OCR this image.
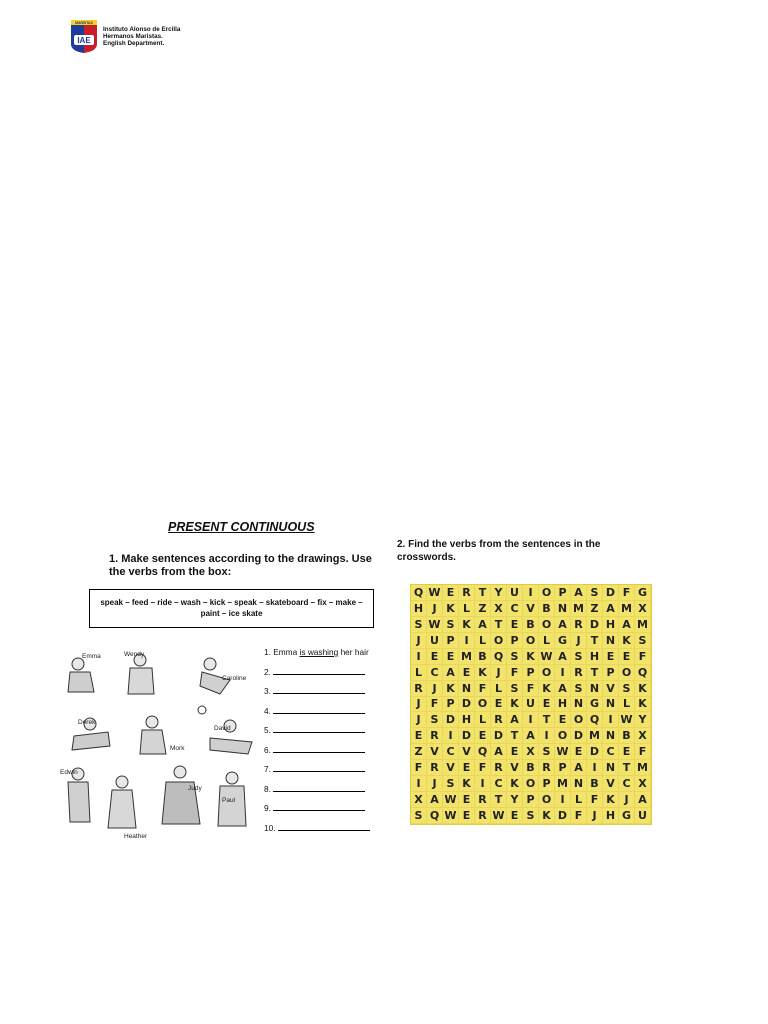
MARISTAS
IAE
Instituto Alonso de Ercilla
Hermanos Maristas.
English Department.
PRESENT CONTINUOUS
1. Make sentences according to the drawings. Use the verbs from the box:
speak – feed – ride – wash – kick – speak – skateboard – fix – make –
paint – ice skate
Emma	Wendy
Caroline
Derek
Mork
David
Edwin
Judy
Paul
Heather
1. Emma is washing her hair
2.
3.
4.
5.
6.
7.
8.
9.
10.
2. Find the verbs from the sentences in the crosswords.
Q W E R T Y U I O P A S D F G
H J K L Z X C V B N M Z A M X
S W S K A T E B O A R D H A M
J U P I L O P O L G J T N K S
I E E M B Q S K W A S H E E F
L C A E K J F P O I R T P O Q
R J K N F L S F K A S N V S K
J F P D O E K U E H N G N L K
J S D H L R A I T E O Q I W Y
E R I D E D T A I O D M N B X
Z V C V Q A E X S W E D C E F
F R V E F R V B R P A I N T M
I	J S K I C K O P M N B V C X
X A W E R T Y P O I L F K J A
S Q W E R W E S K D F J H G U
